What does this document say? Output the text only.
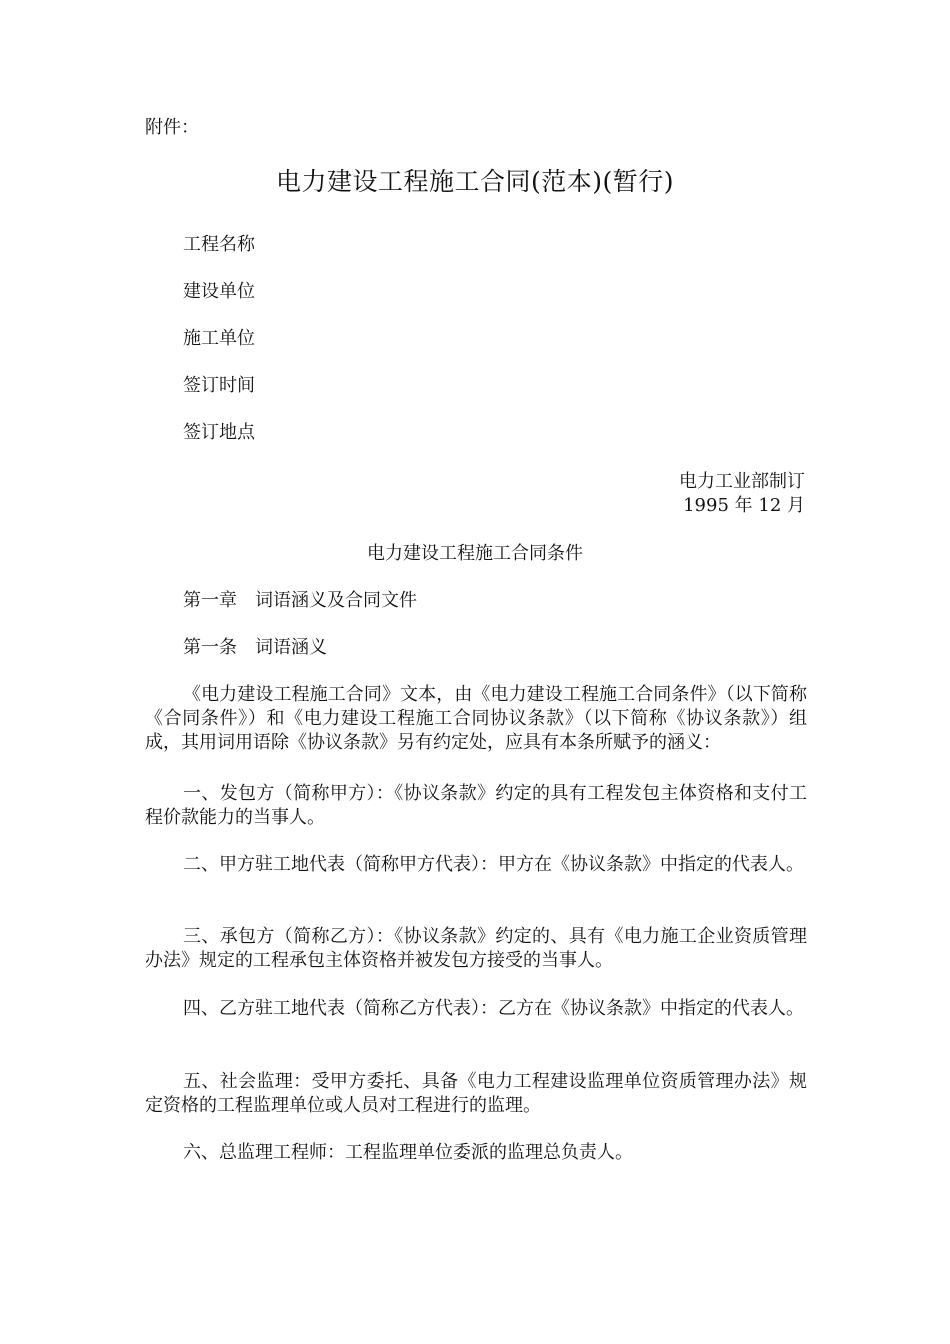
附件：
电力建设工程施工合同(范本)(暂行)
工程名称
建设单位
施工单位
签订时间
签订地点
电力工业部制订
1995 年 12 月
电力建设工程施工合同条件
第一章　词语涵义及合同文件
第一条　词语涵义
《电力建设工程施工合同》文本，由《电力建设工程施工合同条件》（以下简称《合同条件》）和《电力建设工程施工合同协议条款》（以下简称《协议条款》）组成，其用词用语除《协议条款》另有约定处，应具有本条所赋予的涵义：
一、发包方（简称甲方）：《协议条款》约定的具有工程发包主体资格和支付工程价款能力的当事人。
二、甲方驻工地代表（简称甲方代表）：甲方在《协议条款》中指定的代表人。
三、承包方（简称乙方）：《协议条款》约定的、具有《电力施工企业资质管理办法》规定的工程承包主体资格并被发包方接受的当事人。
四、乙方驻工地代表（简称乙方代表）：乙方在《协议条款》中指定的代表人。
五、社会监理：受甲方委托、具备《电力工程建设监理单位资质管理办法》规定资格的工程监理单位或人员对工程进行的监理。
六、总监理工程师：工程监理单位委派的监理总负责人。
